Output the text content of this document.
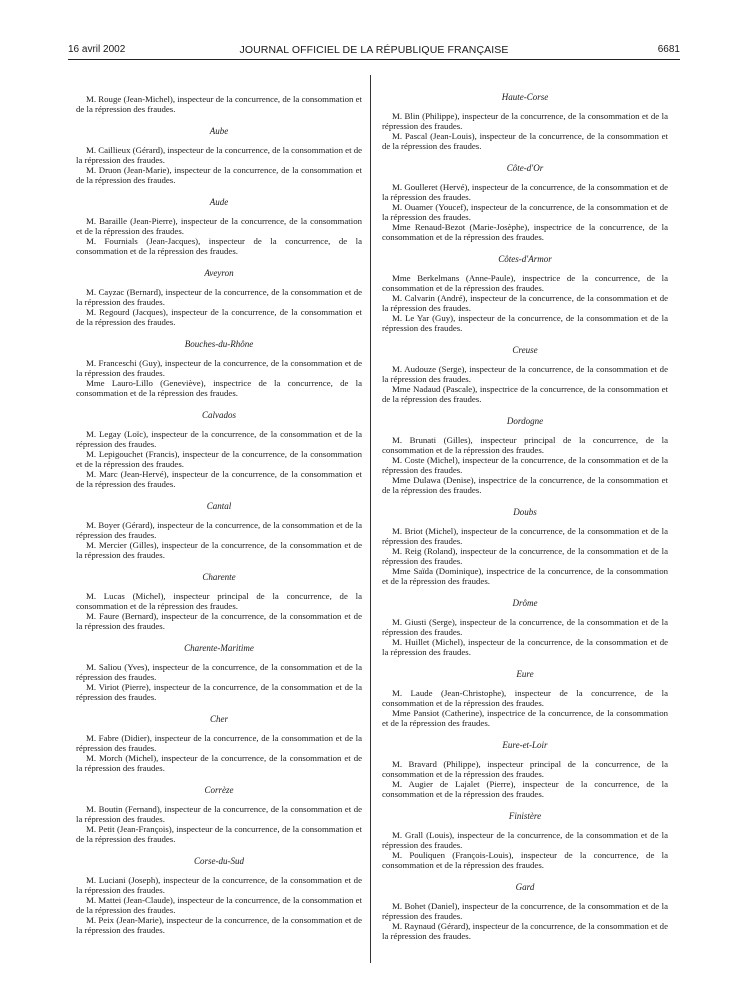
16 avril 2002	JOURNAL OFFICIEL DE LA RÉPUBLIQUE FRANÇAISE	6681

M. Rouge (Jean-Michel), inspecteur de la concurrence, de la consommation et de la répression des fraudes.

Aube

M. Caillieux (Gérard), inspecteur de la concurrence, de la consommation et de la répression des fraudes.

M. Druon (Jean-Marie), inspecteur de la concurrence, de la consommation et de la répression des fraudes.

Aude

M. Baraille (Jean-Pierre), inspecteur de la concurrence, de la consommation et de la répression des fraudes.

M. Fournials (Jean-Jacques), inspecteur de la concurrence, de la consommation et de la répression des fraudes.

Aveyron

M. Cayzac (Bernard), inspecteur de la concurrence, de la consommation et de la répression des fraudes.

M. Regourd (Jacques), inspecteur de la concurrence, de la consommation et de la répression des fraudes.

Bouches-du-Rhône

M. Franceschi (Guy), inspecteur de la concurrence, de la consommation et de la répression des fraudes.

Mme Lauro-Lillo (Geneviève), inspectrice de la concurrence, de la consommation et de la répression des fraudes.

Calvados

M. Legay (Loïc), inspecteur de la concurrence, de la consommation et de la répression des fraudes.

M. Lepigouchet (Francis), inspecteur de la concurrence, de la consommation et de la répression des fraudes.

M. Marc (Jean-Hervé), inspecteur de la concurrence, de la consommation et de la répression des fraudes.

Cantal

M. Boyer (Gérard), inspecteur de la concurrence, de la consommation et de la répression des fraudes.

M. Mercier (Gilles), inspecteur de la concurrence, de la consommation et de la répression des fraudes.

Charente

M. Lucas (Michel), inspecteur principal de la concurrence, de la consommation et de la répression des fraudes.

M. Faure (Bernard), inspecteur de la concurrence, de la consommation et de la répression des fraudes.

Charente-Maritime

M. Saliou (Yves), inspecteur de la concurrence, de la consommation et de la répression des fraudes.

M. Viriot (Pierre), inspecteur de la concurrence, de la consommation et de la répression des fraudes.

Cher

M. Fabre (Didier), inspecteur de la concurrence, de la consommation et de la répression des fraudes.

M. Morch (Michel), inspecteur de la concurrence, de la consommation et de la répression des fraudes.

Corrèze

M. Boutin (Fernand), inspecteur de la concurrence, de la consommation et de la répression des fraudes.

M. Petit (Jean-François), inspecteur de la concurrence, de la consommation et de la répression des fraudes.

Corse-du-Sud

M. Luciani (Joseph), inspecteur de la concurrence, de la consommation et de la répression des fraudes.

M. Mattei (Jean-Claude), inspecteur de la concurrence, de la consommation et de la répression des fraudes.

M. Peix (Jean-Marie), inspecteur de la concurrence, de la consommation et de la répression des fraudes.

Haute-Corse

M. Blin (Philippe), inspecteur de la concurrence, de la consommation et de la répression des fraudes.

M. Pascal (Jean-Louis), inspecteur de la concurrence, de la consommation et de la répression des fraudes.

Côte-d'Or

M. Goulleret (Hervé), inspecteur de la concurrence, de la consommation et de la répression des fraudes.

M. Ouamer (Youcef), inspecteur de la concurrence, de la consommation et de la répression des fraudes.

Mme Renaud-Bezot (Marie-Josèphe), inspectrice de la concurrence, de la consommation et de la répression des fraudes.

Côtes-d'Armor

Mme Berkelmans (Anne-Paule), inspectrice de la concurrence, de la consommation et de la répression des fraudes.

M. Calvarin (André), inspecteur de la concurrence, de la consommation et de la répression des fraudes.

M. Le Yar (Guy), inspecteur de la concurrence, de la consommation et de la répression des fraudes.

Creuse

M. Audouze (Serge), inspecteur de la concurrence, de la consommation et de la répression des fraudes.

Mme Nadaud (Pascale), inspectrice de la concurrence, de la consommation et de la répression des fraudes.

Dordogne

M. Brunati (Gilles), inspecteur principal de la concurrence, de la consommation et de la répression des fraudes.

M. Coste (Michel), inspecteur de la concurrence, de la consommation et de la répression des fraudes.

Mme Dulawa (Denise), inspectrice de la concurrence, de la consommation et de la répression des fraudes.

Doubs

M. Briot (Michel), inspecteur de la concurrence, de la consommation et de la répression des fraudes.

M. Reig (Roland), inspecteur de la concurrence, de la consommation et de la répression des fraudes.

Mme Saïda (Dominique), inspectrice de la concurrence, de la consommation et de la répression des fraudes.

Drôme

M. Giusti (Serge), inspecteur de la concurrence, de la consommation et de la répression des fraudes.

M. Huillet (Michel), inspecteur de la concurrence, de la consommation et de la répression des fraudes.

Eure

M. Laude (Jean-Christophe), inspecteur de la concurrence, de la consommation et de la répression des fraudes.

Mme Pansiot (Catherine), inspectrice de la concurrence, de la consommation et de la répression des fraudes.

Eure-et-Loir

M. Bravard (Philippe), inspecteur principal de la concurrence, de la consommation et de la répression des fraudes.

M. Augier de Lajalet (Pierre), inspecteur de la concurrence, de la consommation et de la répression des fraudes.

Finistère

M. Grall (Louis), inspecteur de la concurrence, de la consommation et de la répression des fraudes.

M. Pouliquen (François-Louis), inspecteur de la concurrence, de la consommation et de la répression des fraudes.

Gard

M. Bohet (Daniel), inspecteur de la concurrence, de la consommation et de la répression des fraudes.

M. Raynaud (Gérard), inspecteur de la concurrence, de la consommation et de la répression des fraudes.
